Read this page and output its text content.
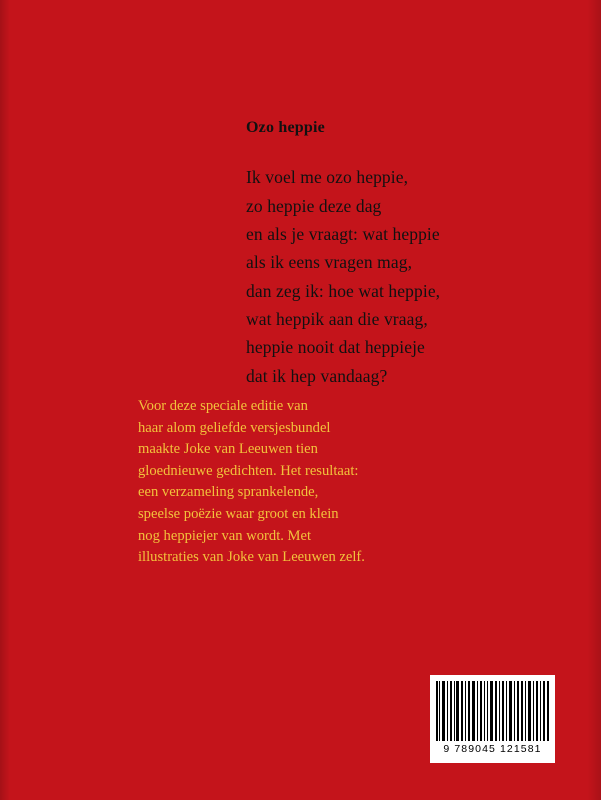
Ozo heppie
Ik voel me ozo heppie,
zo heppie deze dag
en als je vraagt: wat heppie
als ik eens vragen mag,
dan zeg ik: hoe wat heppie,
wat heppik aan die vraag,
heppie nooit dat heppieje
dat ik hep vandaag?
Voor deze speciale editie van
haar alom geliefde versjesbundel
maakte Joke van Leeuwen tien
gloednieuwe gedichten. Het resultaat:
een verzameling sprankelende,
speelse poëzie waar groot en klein
nog heppiejer van wordt. Met
illustraties van Joke van Leeuwen zelf.
9 789045 121581
